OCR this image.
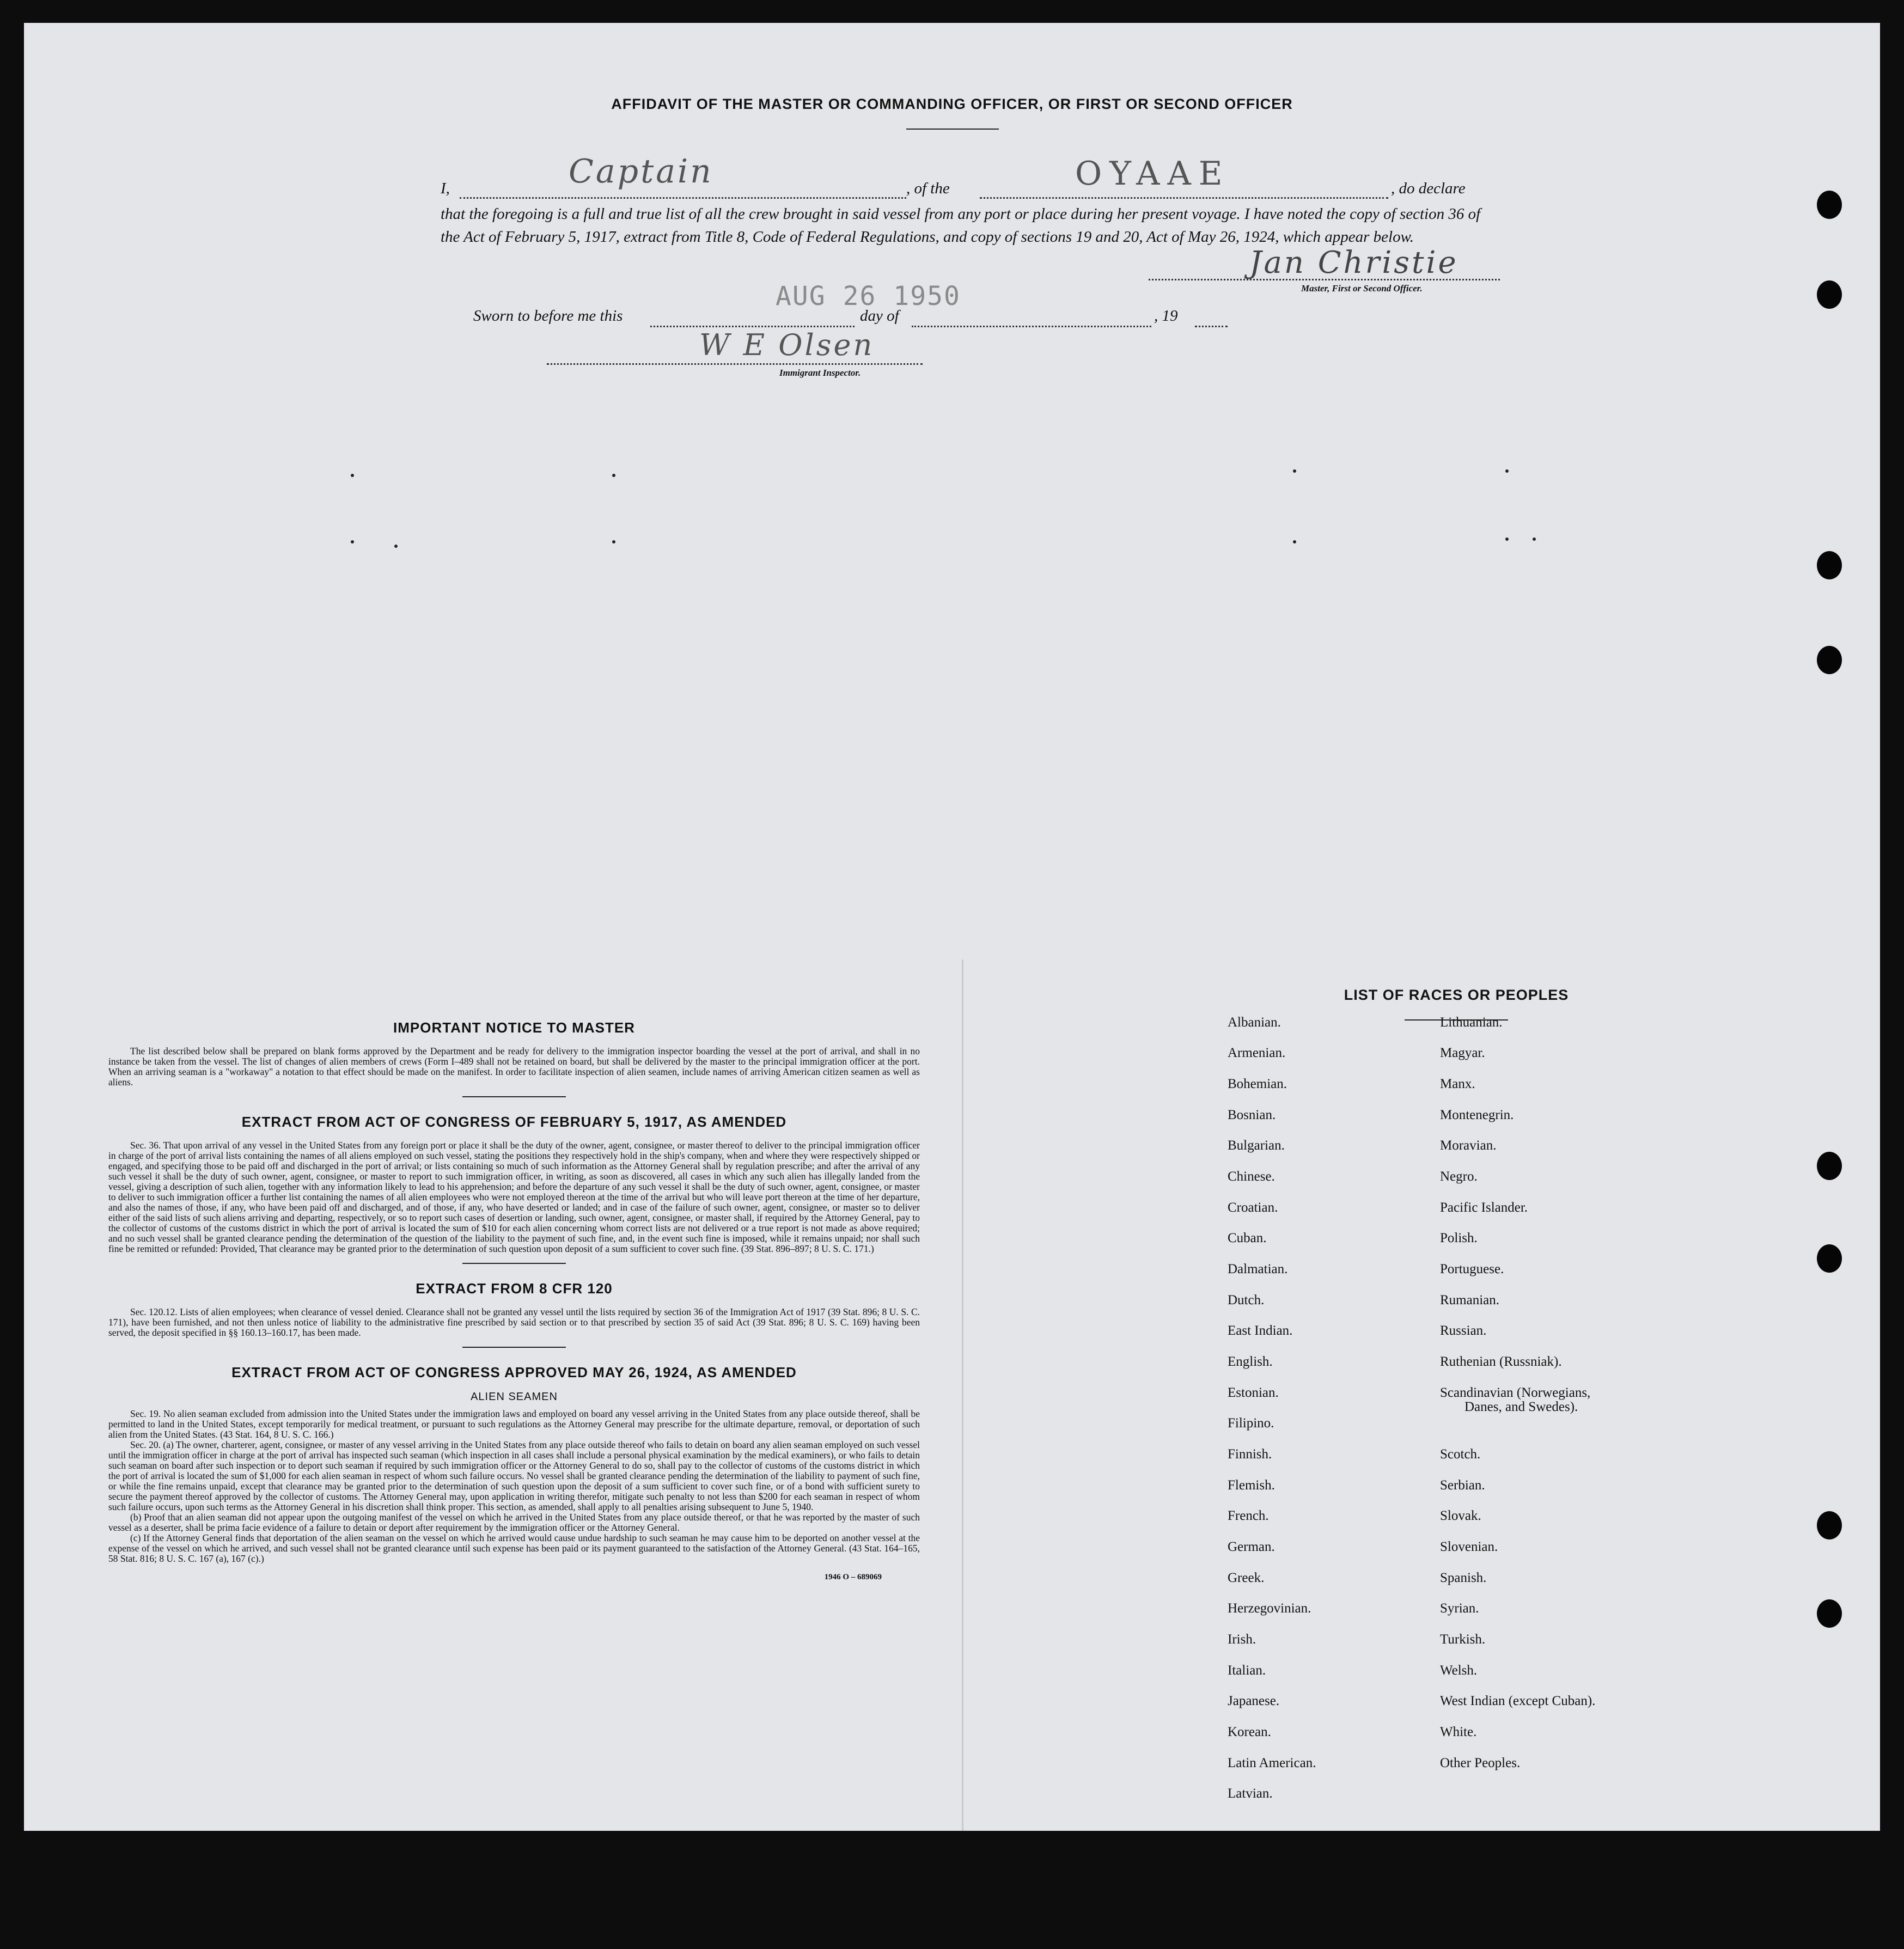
AFFIDAVIT OF THE MASTER OR COMMANDING OFFICER, OR FIRST OR SECOND OFFICER
I,	Captain	, of the	OYAAE	, do declare
that the foregoing is a full and true list of all the crew brought in said vessel from any port or place during her present voyage. I have noted the copy of section 36 of the Act of February 5, 1917, extract from Title 8, Code of Federal Regulations, and copy of sections 19 and 20, Act of May 26, 1924, which appear below.
Jan Christie
Master, First or Second Officer.
AUG 26 1950
Sworn to before me this	day of	, 19
W E Olsen
Immigrant Inspector.
IMPORTANT NOTICE TO MASTER

The list described below shall be prepared on blank forms approved by the Department and be ready for delivery to the immigration inspector boarding the vessel at the port of arrival, and shall in no instance be taken from the vessel. The list of changes of alien members of crews (Form I–489 shall not be retained on board, but shall be delivered by the master to the principal immigration officer at the port. When an arriving seaman is a "workaway" a notation to that effect should be made on the manifest. In order to facilitate inspection of alien seamen, include names of arriving American citizen seamen as well as aliens.

EXTRACT FROM ACT OF CONGRESS OF FEBRUARY 5, 1917, AS AMENDED

Sec. 36. That upon arrival of any vessel in the United States from any foreign port or place it shall be the duty of the owner, agent, consignee, or master thereof to deliver to the principal immigration officer in charge of the port of arrival lists containing the names of all aliens employed on such vessel, stating the positions they respectively hold in the ship's company, when and where they were respectively shipped or engaged, and specifying those to be paid off and discharged in the port of arrival; or lists containing so much of such information as the Attorney General shall by regulation prescribe; and after the arrival of any such vessel it shall be the duty of such owner, agent, consignee, or master to report to such immigration officer, in writing, as soon as discovered, all cases in which any such alien has illegally landed from the vessel, giving a description of such alien, together with any information likely to lead to his apprehension; and before the departure of any such vessel it shall be the duty of such owner, agent, consignee, or master to deliver to such immigration officer a further list containing the names of all alien employees who were not employed thereon at the time of the arrival but who will leave port thereon at the time of her departure, and also the names of those, if any, who have been paid off and discharged, and of those, if any, who have deserted or landed; and in case of the failure of such owner, agent, consignee, or master so to deliver either of the said lists of such aliens arriving and departing, respectively, or so to report such cases of desertion or landing, such owner, agent, consignee, or master shall, if required by the Attorney General, pay to the collector of customs of the customs district in which the port of arrival is located the sum of $10 for each alien concerning whom correct lists are not delivered or a true report is not made as above required; and no such vessel shall be granted clearance pending the determination of the question of the liability to the payment of such fine, and, in the event such fine is imposed, while it remains unpaid; nor shall such fine be remitted or refunded: Provided, That clearance may be granted prior to the determination of such question upon deposit of a sum sufficient to cover such fine. (39 Stat. 896–897; 8 U. S. C. 171.)

EXTRACT FROM 8 CFR 120

Sec. 120.12. Lists of alien employees; when clearance of vessel denied. Clearance shall not be granted any vessel until the lists required by section 36 of the Immigration Act of 1917 (39 Stat. 896; 8 U. S. C. 171), have been furnished, and not then unless notice of liability to the administrative fine prescribed by said section or to that prescribed by section 35 of said Act (39 Stat. 896; 8 U. S. C. 169) having been served, the deposit specified in §§ 160.13–160.17, has been made.

EXTRACT FROM ACT OF CONGRESS APPROVED MAY 26, 1924, AS AMENDED
ALIEN SEAMEN

Sec. 19. No alien seaman excluded from admission into the United States under the immigration laws and employed on board any vessel arriving in the United States from any place outside thereof, shall be permitted to land in the United States, except temporarily for medical treatment, or pursuant to such regulations as the Attorney General may prescribe for the ultimate departure, removal, or deportation of such alien from the United States. (43 Stat. 164, 8 U. S. C. 166.)

Sec. 20. (a) The owner, charterer, agent, consignee, or master of any vessel arriving in the United States from any place outside thereof who fails to detain on board any alien seaman employed on such vessel until the immigration officer in charge at the port of arrival has inspected such seaman (which inspection in all cases shall include a personal physical examination by the medical examiners), or who fails to detain such seaman on board after such inspection or to deport such seaman if required by such immigration officer or the Attorney General to do so, shall pay to the collector of customs of the customs district in which the port of arrival is located the sum of $1,000 for each alien seaman in respect of whom such failure occurs. No vessel shall be granted clearance pending the determination of the liability to payment of such fine, or while the fine remains unpaid, except that clearance may be granted prior to the determination of such question upon the deposit of a sum sufficient to cover such fine, or of a bond with sufficient surety to secure the payment thereof approved by the collector of customs. The Attorney General may, upon application in writing therefor, mitigate such penalty to not less than $200 for each seaman in respect of whom such failure occurs, upon such terms as the Attorney General in his discretion shall think proper. This section, as amended, shall apply to all penalties arising subsequent to June 5, 1940.

(b) Proof that an alien seaman did not appear upon the outgoing manifest of the vessel on which he arrived in the United States from any place outside thereof, or that he was reported by the master of such vessel as a deserter, shall be prima facie evidence of a failure to detain or deport after requirement by the immigration officer or the Attorney General.

(c) If the Attorney General finds that deportation of the alien seaman on the vessel on which he arrived would cause undue hardship to such seaman he may cause him to be deported on another vessel at the expense of the vessel on which he arrived, and such vessel shall not be granted clearance until such expense has been paid or its payment guaranteed to the satisfaction of the Attorney General. (43 Stat. 164–165, 58 Stat. 816; 8 U. S. C. 167 (a), 167 (c).)

1946 O – 689069
LIST OF RACES OR PEOPLES
Albanian.
Armenian.
Bohemian.
Bosnian.
Bulgarian.
Chinese.
Croatian.
Cuban.
Dalmatian.
Dutch.
East Indian.
English.
Estonian.
Filipino.
Finnish.
Flemish.
French.
German.
Greek.
Herzegovinian.
Irish.
Italian.
Japanese.
Korean.
Latin American.
Latvian.
Lithuanian.
Magyar.
Manx.
Montenegrin.
Moravian.
Negro.
Pacific Islander.
Polish.
Portuguese.
Rumanian.
Russian.
Ruthenian (Russniak).
Scandinavian (Norwegians,
Danes, and Swedes).
Scotch.
Serbian.
Slovak.
Slovenian.
Spanish.
Syrian.
Turkish.
Welsh.
West Indian (except Cuban).
White.
Other Peoples.
